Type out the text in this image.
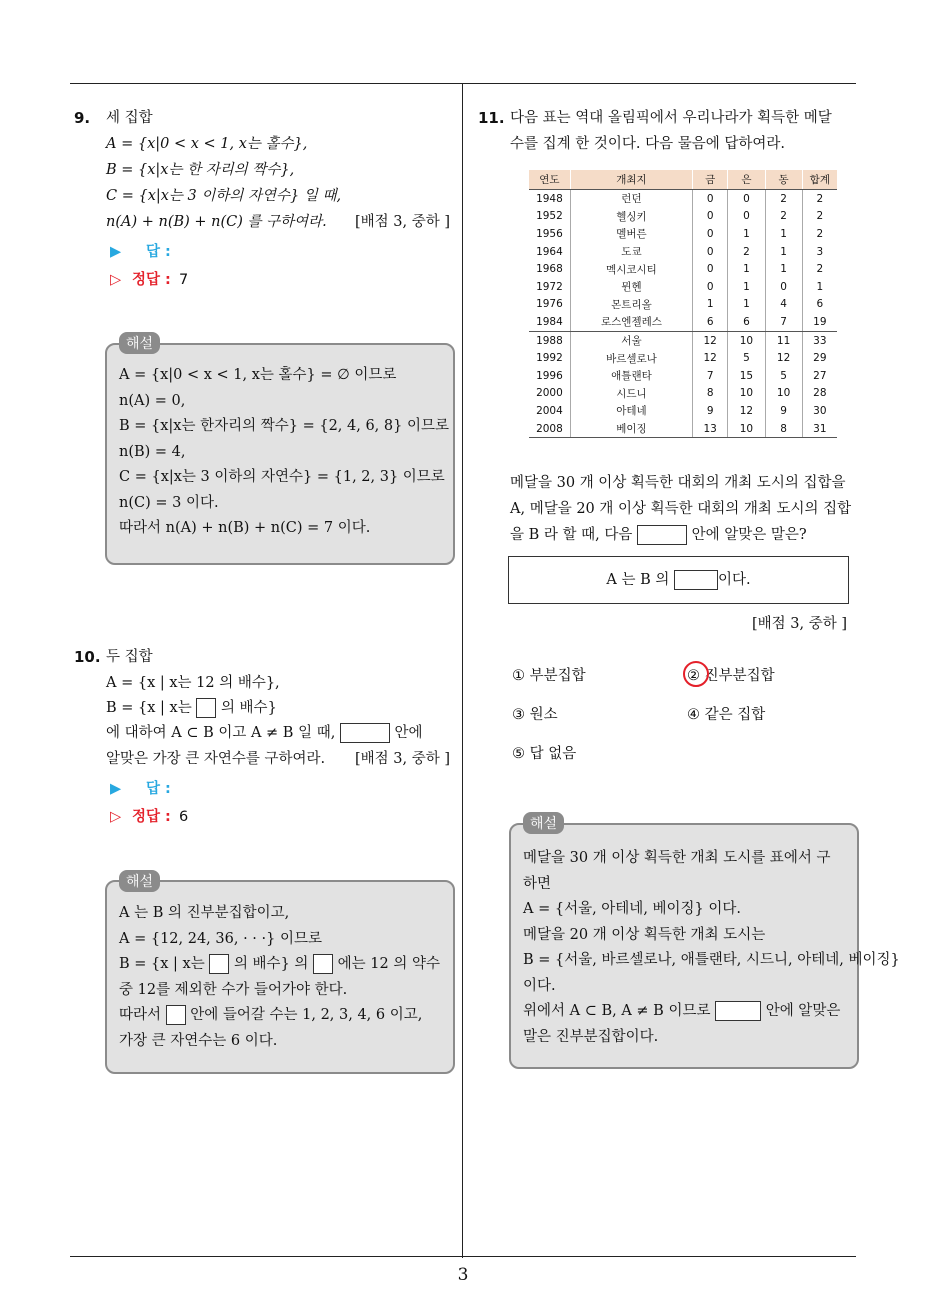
9. 세 집합
A = {x|0 < x < 1, x는 홀수},
B = {x|x는 한 자리의 짝수},
C = {x|x는 3 이하의 자연수} 일 때,
n(A) + n(B) + n(C) 를 구하여라. [배점 3, 중하 ]
▶ 답 :
▷ 정답 : 7
A = {x|0 < x < 1, x는 홀수} = ∅ 이므로
n(A) = 0,
B = {x|x는 한자리의 짝수} = {2, 4, 6, 8} 이므로
n(B) = 4,
C = {x|x는 3 이하의 자연수} = {1, 2, 3} 이므로
n(C) = 3 이다.
따라서 n(A) + n(B) + n(C) = 7 이다.
해설
10. 두 집합
A = {x | x는 12 의 배수},
B = {x | x는 의 배수}
에 대하여 A ⊂ B 이고 A ≠ B 일 때,	안에
알맞은 가장 큰 자연수를 구하여라. [배점 3, 중하 ]
▶ 답 :
▷ 정답 : 6
A 는 B 의 진부분집합이고,
A = {12, 24, 36, · · ·} 이므로
B = {x | x는 의 배수} 의 에는 12 의 약수
중 12를 제외한 수가 들어가야 한다.
따라서 안에 들어갈 수는 1, 2, 3, 4, 6 이고,
가장 큰 자연수는 6 이다.
해설
11. 다음 표는 역대 올림픽에서 우리나라가 획득한 메달
수를 집계 한 것이다. 다음 물음에 답하여라.
연도	개최지	금	은	동	합계
1948	런던	0	0	2	2
1952	헬싱키	0	0	2	2
1956	멜버른	0	1	1	2
1964	도쿄	0	2	1	3
1968	멕시코시티	0	1	1	2
1972	뮌헨	0	1	0	1
1976	몬트리올	1	1	4	6
1984	로스엔젤레스	6	6	7	19
1988	서울	12	10	11	33
1992	바르셀로나	12	5	12	29
1996	애틀랜타	7	15	5	27
2000	시드니	8	10	10	28
2004	아테네	9	12	9	30
2008	베이징	13	10	8	31
메달을 30 개 이상 획득한 대회의 개최 도시의 집합을
A, 메달을 20 개 이상 획득한 대회의 개최 도시의 집합
을 B 라 할 때, 다음	안에 알맞은 말은?
A 는 B 의	이다.
[배점 3, 중하 ]
① 부분집합	② 진부분집합
③ 원소	④ 같은 집합
⑤ 답 없음
메달을 30 개 이상 획득한 개최 도시를 표에서 구
하면
A = {서울, 아테네, 베이징} 이다.
메달을 20 개 이상 획득한 개최 도시는
B = {서울, 바르셀로나, 애틀랜타, 시드니, 아테네, 베이징}
이다.
위에서 A ⊂ B, A ≠ B 이므로	안에 알맞은
말은 진부분집합이다.
해설
3
